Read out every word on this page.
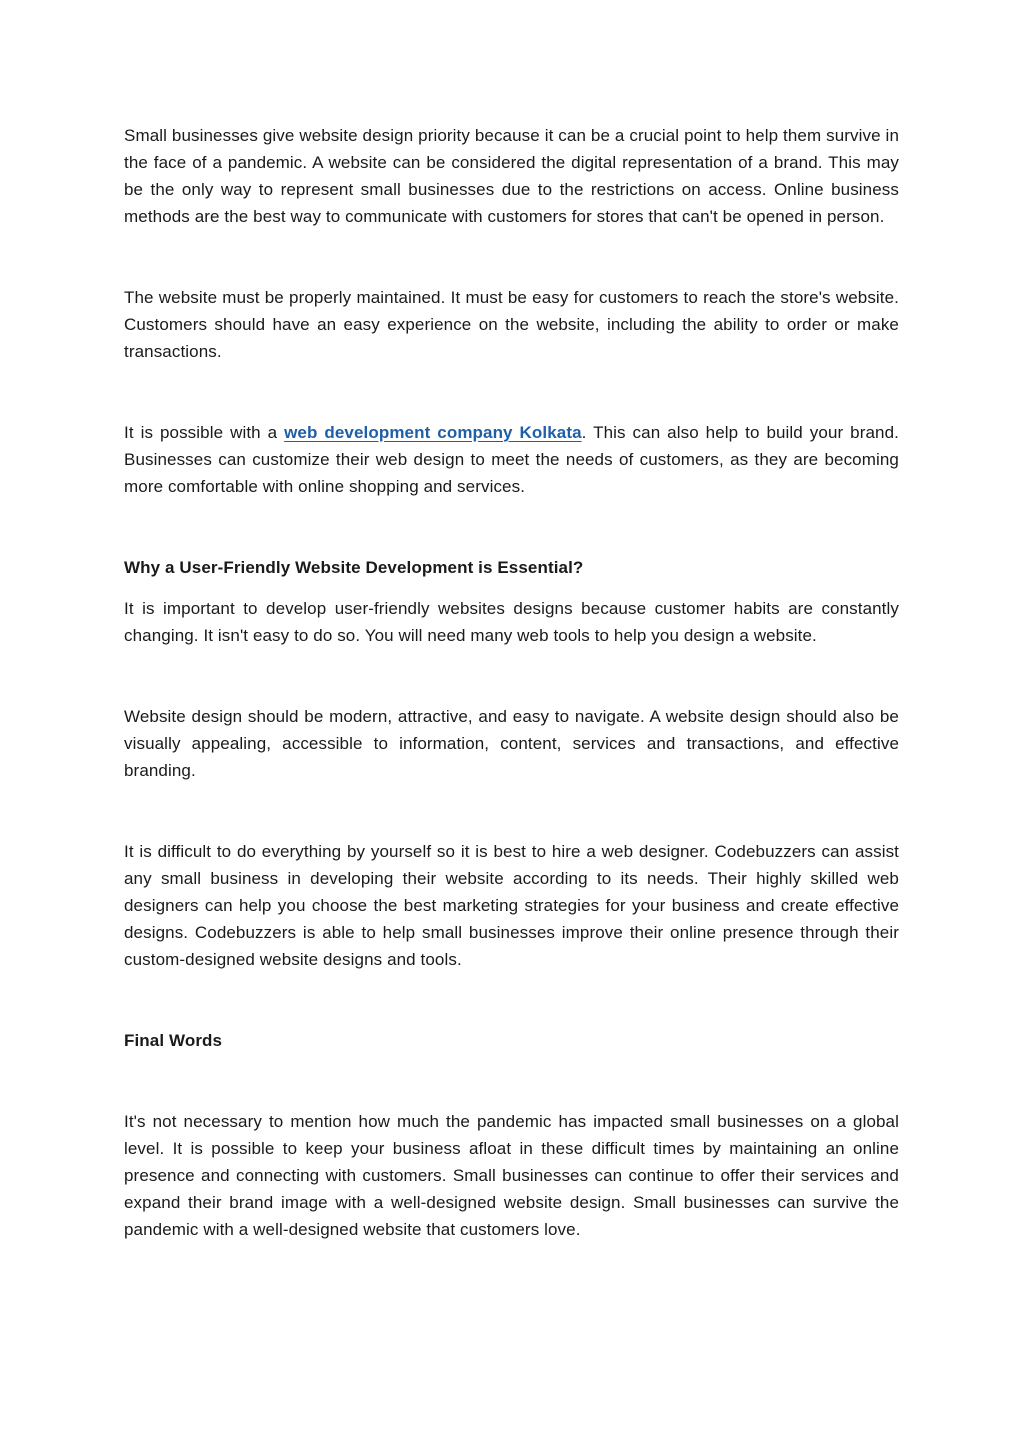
Small businesses give website design priority because it can be a crucial point to help them survive in the face of a pandemic. A website can be considered the digital representation of a brand. This may be the only way to represent small businesses due to the restrictions on access. Online business methods are the best way to communicate with customers for stores that can't be opened in person.

The website must be properly maintained. It must be easy for customers to reach the store's website. Customers should have an easy experience on the website, including the ability to order or make transactions.

It is possible with a web development company Kolkata. This can also help to build your brand. Businesses can customize their web design to meet the needs of customers, as they are becoming more comfortable with online shopping and services.

Why a User-Friendly Website Development is Essential?

It is important to develop user-friendly websites designs because customer habits are constantly changing. It isn't easy to do so. You will need many web tools to help you design a website.

Website design should be modern, attractive, and easy to navigate. A website design should also be visually appealing, accessible to information, content, services and transactions, and effective branding.

It is difficult to do everything by yourself so it is best to hire a web designer. Codebuzzers can assist any small business in developing their website according to its needs. Their highly skilled web designers can help you choose the best marketing strategies for your business and create effective designs. Codebuzzers is able to help small businesses improve their online presence through their custom-designed website designs and tools.

Final Words

It's not necessary to mention how much the pandemic has impacted small businesses on a global level. It is possible to keep your business afloat in these difficult times by maintaining an online presence and connecting with customers. Small businesses can continue to offer their services and expand their brand image with a well-designed website design. Small businesses can survive the pandemic with a well-designed website that customers love.
